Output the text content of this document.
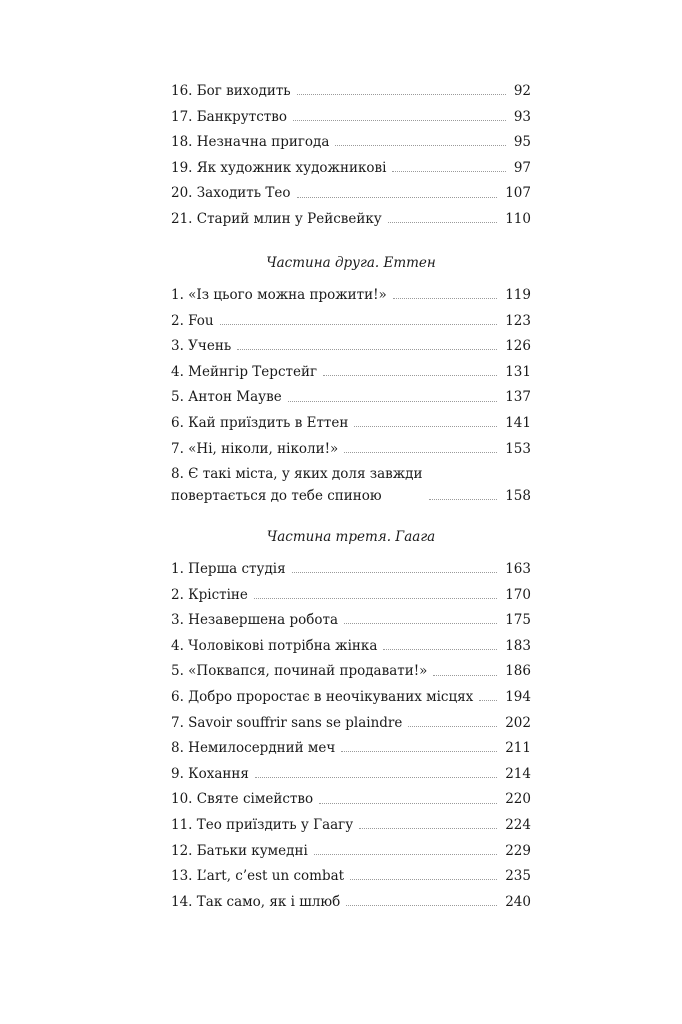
16. Бог виходить	92
17. Банкрутство	93
18. Незначна пригода	95
19. Як художник художникові	97
20. Заходить Тео	107
21. Старий млин у Рейсвейку	110
Частина друга. Еттен
1. «Із цього можна прожити!»	119
2. Fou	123
3. Учень	126
4. Мейнгір Терстейг	131
5. Антон Мауве	137
6. Кай приїздить в Еттен	141
7. «Ні, ніколи, ніколи!»	153
8. Є такі міста, у яких доля завжди
повертається до тебе спиною	158
Частина третя. Гаага
1. Перша студія	163
2. Крістіне	170
3. Незавершена робота	175
4. Чоловікові потрібна жінка	183
5. «Поквапся, починай продавати!»	186
6. Добро проростає в неочікуваних місцях 194
7. Savoir souffrir sans se plaindre	202
8. Немилосердний меч	211
9. Кохання	214
10. Святе сімейство	220
11. Тео приїздить у Гаагу	224
12. Батьки кумедні	229
13. L’art, c’est un combat	235
14. Так само, як і шлюб	240
